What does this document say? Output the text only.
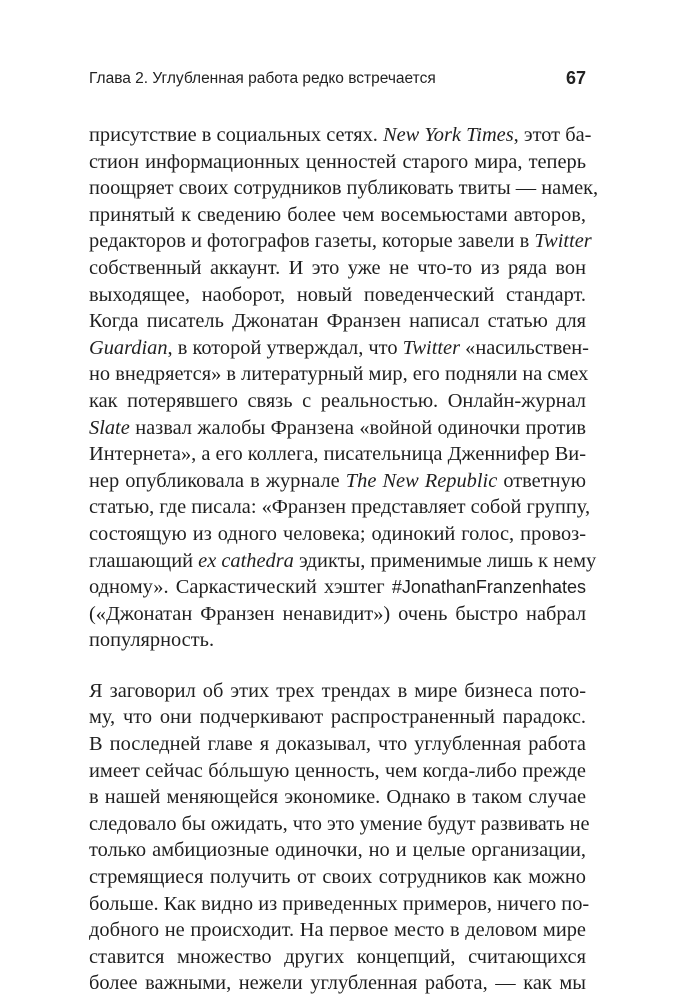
Глава 2. Углубленная работа редко встречается	67
присутствие в социальных сетях. New York Times, этот ба-
стион информационных ценностей старого мира, теперь
поощряет своих сотрудников публиковать твиты — намек,
принятый к сведению более чем восемьюстами авторов,
редакторов и фотографов газеты, которые завели в Twitter
собственный аккаунт. И это уже не что-то из ряда вон
выходящее, наоборот, новый поведенческий стандарт.
Когда писатель Джонатан Франзен написал статью для
Guardian, в которой утверждал, что Twitter «насильствен-
но внедряется» в литературный мир, его подняли на смех
как потерявшего связь с реальностью. Онлайн-журнал
Slate назвал жалобы Франзена «войной одиночки против
Интернета», а его коллега, писательница Дженнифер Ви-
нер опубликовала в журнале The New Republic ответную
статью, где писала: «Франзен представляет собой группу,
состоящую из одного человека; одинокий голос, провоз-
глашающий ex cathedra эдикты, применимые лишь к нему
одному». Саркастический хэштег #JonathanFranzenhates
(«Джонатан Франзен ненавидит») очень быстро набрал
популярность.
Я заговорил об этих трех трендах в мире бизнеса пото-
му, что они подчеркивают распространенный парадокс.
В последней главе я доказывал, что углубленная работа
имеет сейчас бóльшую ценность, чем когда-либо прежде
в нашей меняющейся экономике. Однако в таком случае
следовало бы ожидать, что это умение будут развивать не
только амбициозные одиночки, но и целые организации,
стремящиеся получить от своих сотрудников как можно
больше. Как видно из приведенных примеров, ничего по-
добного не происходит. На первое место в деловом мире
ставится множество других концепций, считающихся
более важными, нежели углубленная работа, — как мы
